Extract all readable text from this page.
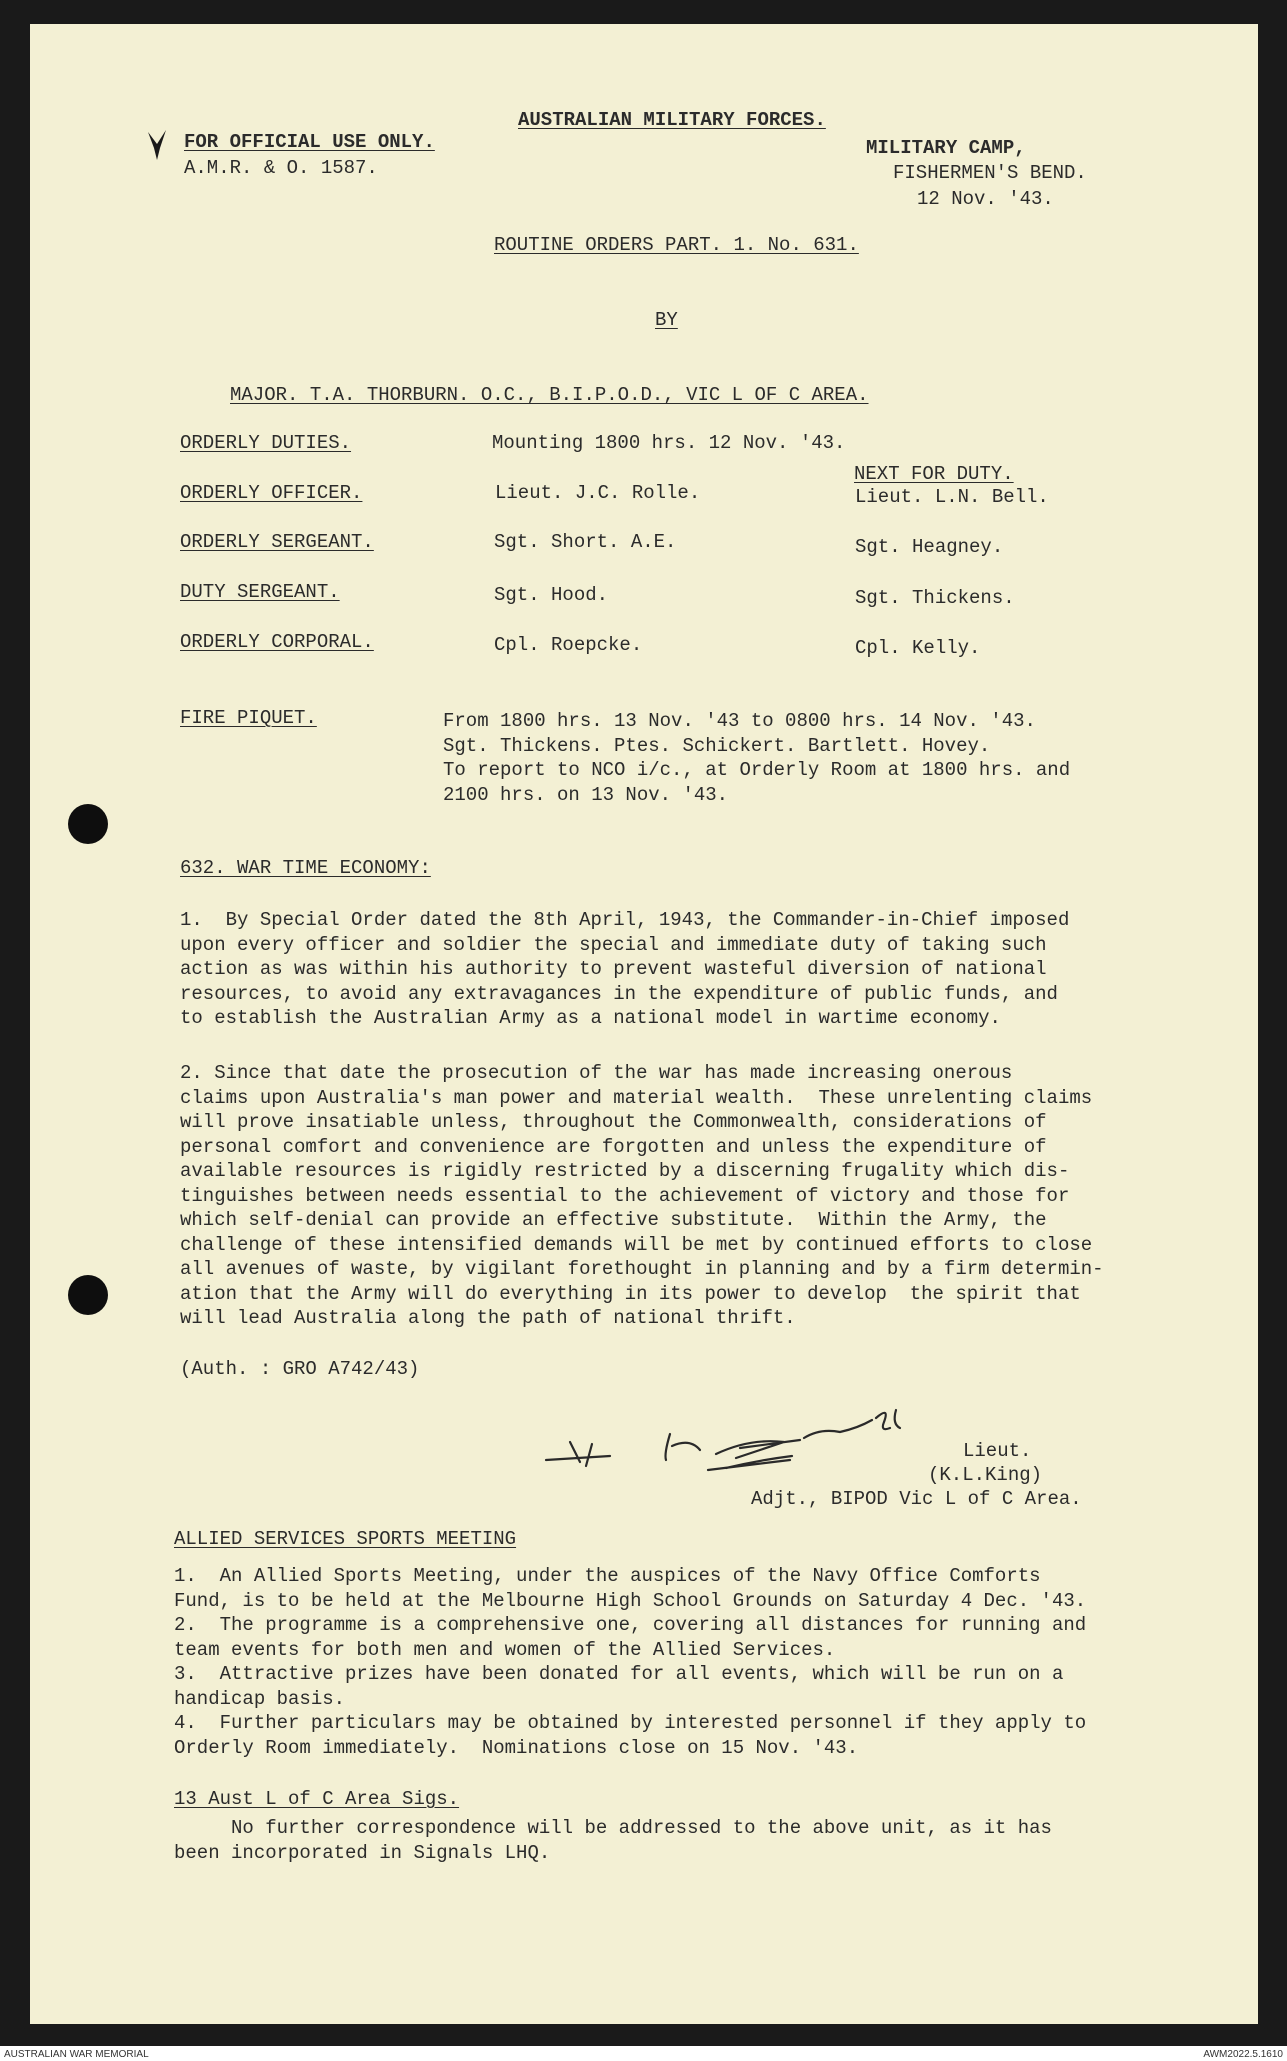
AUSTRALIAN MILITARY FORCES.
FOR OFFICIAL USE ONLY.
A.M.R. & O. 1587.
MILITARY CAMP,
FISHERMEN'S BEND.
12 Nov. '43.
ROUTINE ORDERS PART. 1. No. 631.
BY
MAJOR. T.A. THORBURN. O.C., B.I.P.O.D., VIC L OF C AREA.
ORDERLY DUTIES.	Mounting 1800 hrs. 12 Nov. '43.
NEXT FOR DUTY.
ORDERLY OFFICER.	Lieut. J.C. Rolle.	Lieut. L.N. Bell.
ORDERLY SERGEANT.	Sgt. Short. A.E.	Sgt. Heagney.
DUTY SERGEANT.	Sgt. Hood.	Sgt. Thickens.
ORDERLY CORPORAL.	Cpl. Roepcke.	Cpl. Kelly.
FIRE PIQUET.	From 1800 hrs. 13 Nov. '43 to 0800 hrs. 14 Nov. '43.
Sgt. Thickens. Ptes. Schickert. Bartlett. Hovey.
To report to NCO i/c., at Orderly Room at 1800 hrs. and
2100 hrs. on 13 Nov. '43.
632. WAR TIME ECONOMY:
1.  By Special Order dated the 8th April, 1943, the Commander-in-Chief imposed
upon every officer and soldier the special and immediate duty of taking such
action as was within his authority to prevent wasteful diversion of national
resources, to avoid any extravagances in the expenditure of public funds, and
to establish the Australian Army as a national model in wartime economy.
2. Since that date the prosecution of the war has made increasing onerous
claims upon Australia's man power and material wealth.  These unrelenting claims
will prove insatiable unless, throughout the Commonwealth, considerations of
personal comfort and convenience are forgotten and unless the expenditure of
available resources is rigidly restricted by a discerning frugality which dis-
tinguishes between needs essential to the achievement of victory and those for
which self-denial can provide an effective substitute.  Within the Army, the
challenge of these intensified demands will be met by continued efforts to close
all avenues of waste, by vigilant forethought in planning and by a firm determin-
ation that the Army will do everything in its power to develop  the spirit that
will lead Australia along the path of national thrift.
(Auth. : GRO A742/43)
Lieut.
(K.L.King)
Adjt., BIPOD Vic L of C Area.
ALLIED SERVICES SPORTS MEETING
1.  An Allied Sports Meeting, under the auspices of the Navy Office Comforts
Fund, is to be held at the Melbourne High School Grounds on Saturday 4 Dec. '43.
2.  The programme is a comprehensive one, covering all distances for running and
team events for both men and women of the Allied Services.
3.  Attractive prizes have been donated for all events, which will be run on a
handicap basis.
4.  Further particulars may be obtained by interested personnel if they apply to
Orderly Room immediately.  Nominations close on 15 Nov. '43.
13 Aust L of C Area Sigs.
No further correspondence will be addressed to the above unit, as it has
been incorporated in Signals LHQ.
AUSTRALIAN WAR MEMORIAL	AWM2022.5.1610
